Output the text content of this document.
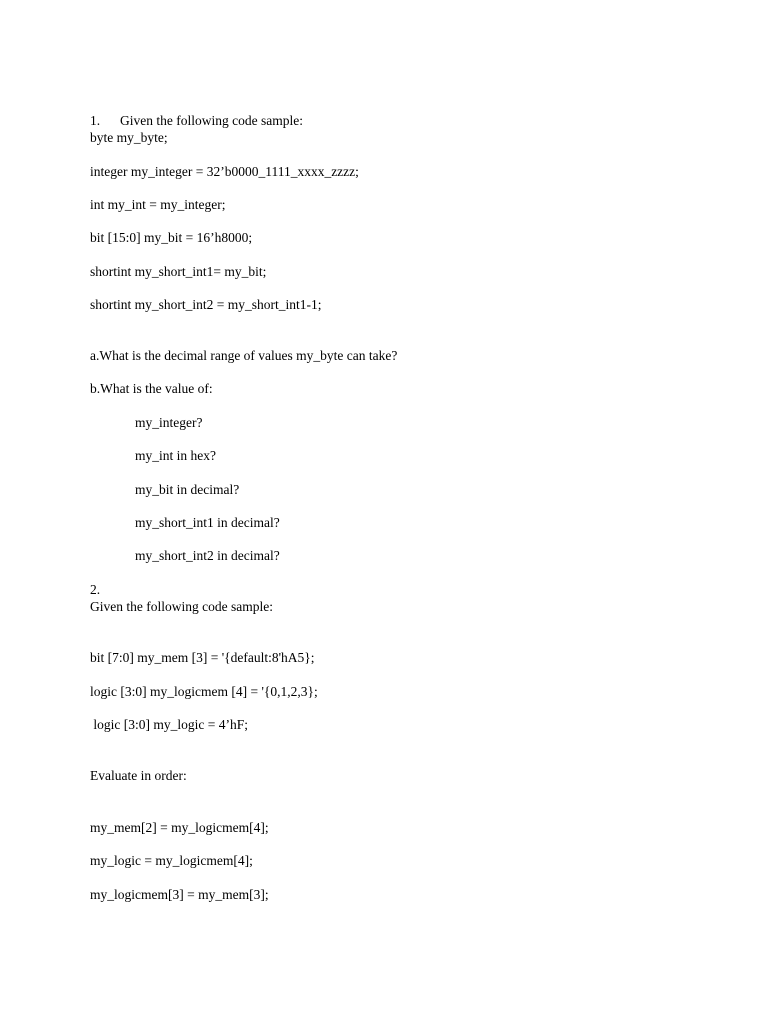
1. Given the following code sample:
byte my_byte;
integer my_integer = 32’b0000_1111_xxxx_zzzz;
int my_int = my_integer;
bit [15:0] my_bit = 16’h8000;
shortint my_short_int1= my_bit;
shortint my_short_int2 = my_short_int1-1;
a.What is the decimal range of values my_byte can take?
b.What is the value of:
my_integer?
my_int in hex?
my_bit in decimal?
my_short_int1 in decimal?
my_short_int2 in decimal?
2.
Given the following code sample:
bit [7:0] my_mem [3] = '{default:8'hA5};
logic [3:0] my_logicmem [4] = '{0,1,2,3};
logic [3:0] my_logic = 4’hF;
Evaluate in order:
my_mem[2] = my_logicmem[4];
my_logic = my_logicmem[4];
my_logicmem[3] = my_mem[3];
